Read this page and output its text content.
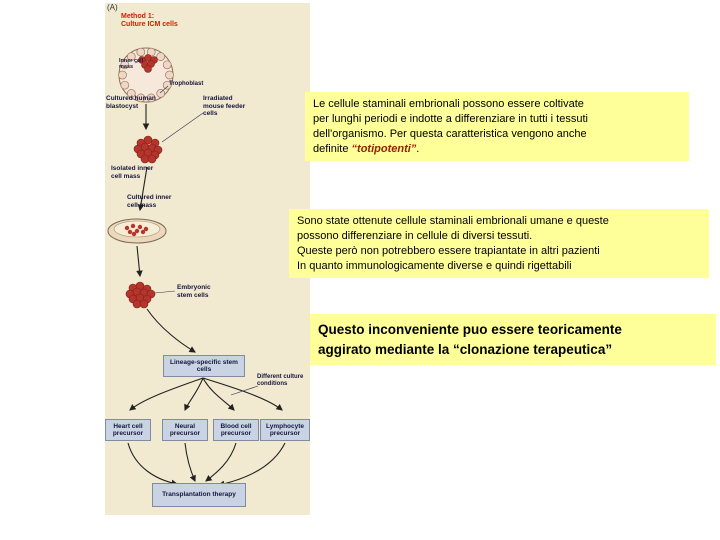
(A)
Method 1:
Culture ICM cells
Inner cell mass
Trophoblast
Cultured human blastocyst
Irradiated mouse feeder cells
Isolated inner cell mass
Cultured inner cell mass
Embryonic stem cells
Different culture conditions
Lineage-specific stem cells
Heart cell precursor
Neural precursor
Blood cell precursor
Lymphocyte precursor
Transplantation therapy
Le cellule staminali embrionali possono essere coltivate
per lunghi periodi e indotte a differenziare in tutti i tessuti
dell'organismo. Per questa caratteristica vengono anche
definite “totipotenti”.
Sono state ottenute cellule staminali embrionali umane e queste
possono differenziare in cellule di diversi tessuti.
Queste però non potrebbero essere trapiantate in altri pazienti
In quanto immunologicamente diverse e quindi rigettabili
Questo inconveniente puo essere teoricamente
aggirato mediante la “clonazione terapeutica”
